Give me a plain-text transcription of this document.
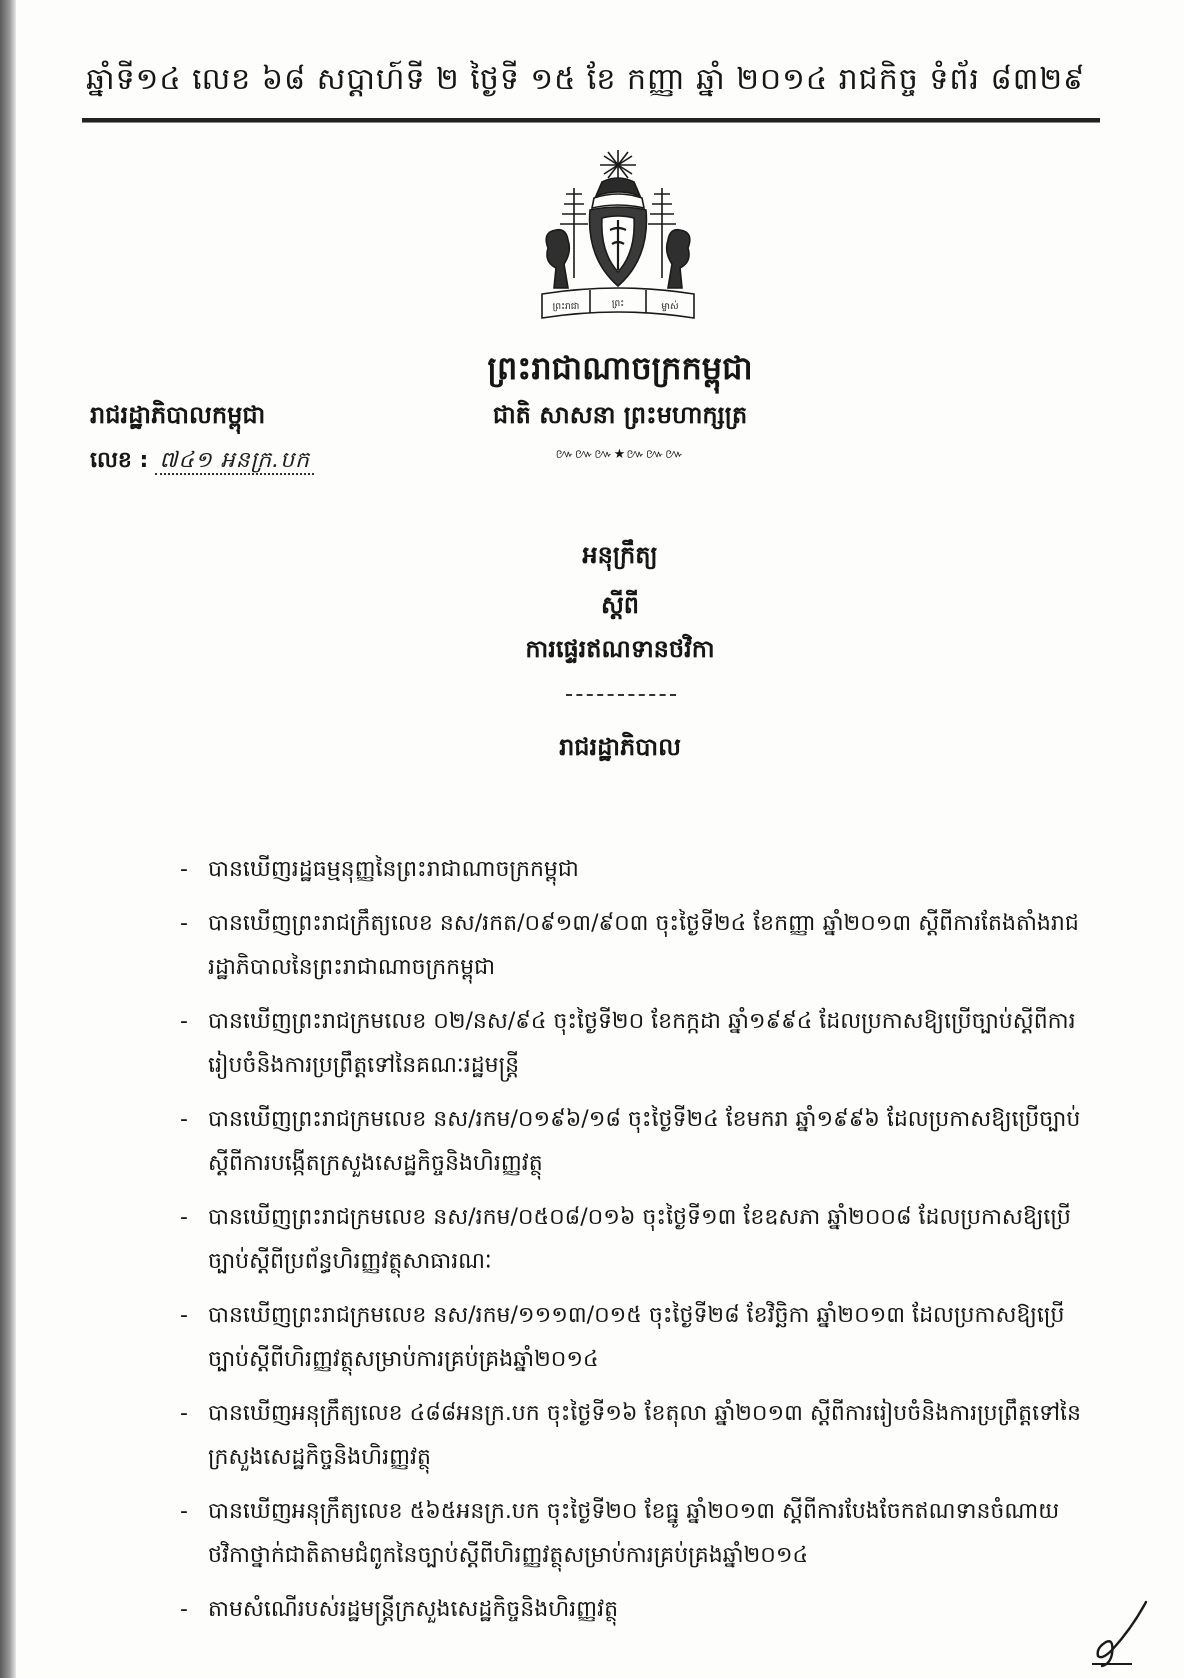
ឆ្នាំទី១៤ លេខ ៦៨ សប្តាហ៍ទី ២ ថ្ងៃទី ១៥ ខែ កញ្ញា ឆ្នាំ ២០១៤ រាជកិច្ច ទំព័រ ៨៣២៩
ព្រះរាជា	ព្រះ	ម្ចាស់
ព្រះរាជាណាចក្រកម្ពុជា
ជាតិ សាសនា ព្រះមហាក្សត្រ
៚៚៚★៚៚៚
រាជរដ្ឋាភិបាលកម្ពុជា
លេខ : ៧៤១ អនក្រ.បក
អនុក្រឹត្យ
ស្តីពី
ការផ្ទេរឥណទានថវិកា
រាជរដ្ឋាភិបាល
- បានឃើញរដ្ឋធម្មនុញ្ញនៃព្រះរាជាណាចក្រកម្ពុជា
- បានឃើញព្រះរាជក្រឹត្យលេខ នស/រកត/០៩១៣/៩០៣ ចុះថ្ងៃទី២៤ ខែកញ្ញា ឆ្នាំ២០១៣ ស្តីពីការតែងតាំងរាជរដ្ឋាភិបាលនៃព្រះរាជាណាចក្រកម្ពុជា
- បានឃើញព្រះរាជក្រមលេខ ០២/នស/៩៤ ចុះថ្ងៃទី២០ ខែកក្កដា ឆ្នាំ១៩៩៤ ដែលប្រកាសឱ្យប្រើច្បាប់ស្តីពីការរៀបចំនិងការប្រព្រឹត្តទៅនៃគណៈរដ្ឋមន្ត្រី
- បានឃើញព្រះរាជក្រមលេខ នស/រកម/០១៩៦/១៨ ចុះថ្ងៃទី២៤ ខែមករា ឆ្នាំ១៩៩៦ ដែលប្រកាសឱ្យប្រើច្បាប់ស្តីពីការបង្កើតក្រសួងសេដ្ឋកិច្ចនិងហិរញ្ញវត្ថុ
- បានឃើញព្រះរាជក្រមលេខ នស/រកម/០៥០៨/០១៦ ចុះថ្ងៃទី១៣ ខែឧសភា ឆ្នាំ២០០៨ ដែលប្រកាសឱ្យប្រើច្បាប់ស្តីពីប្រព័ន្ធហិរញ្ញវត្ថុសាធារណៈ
- បានឃើញព្រះរាជក្រមលេខ នស/រកម/១១១៣/០១៥ ចុះថ្ងៃទី២៨ ខែវិច្ឆិកា ឆ្នាំ២០១៣ ដែលប្រកាសឱ្យប្រើច្បាប់ស្តីពីហិរញ្ញវត្ថុសម្រាប់ការគ្រប់គ្រងឆ្នាំ២០១៤
- បានឃើញអនុក្រឹត្យលេខ ៤៨៨អនក្រ.បក ចុះថ្ងៃទី១៦ ខែតុលា ឆ្នាំ២០១៣ ស្តីពីការរៀបចំនិងការប្រព្រឹត្តទៅនៃក្រសួងសេដ្ឋកិច្ចនិងហិរញ្ញវត្ថុ
- បានឃើញអនុក្រឹត្យលេខ ៥៦៥អនក្រ.បក ចុះថ្ងៃទី២០ ខែធ្នូ ឆ្នាំ២០១៣ ស្តីពីការបែងចែកឥណទានចំណាយថវិកាថ្នាក់ជាតិតាមជំពូកនៃច្បាប់ស្តីពីហិរញ្ញវត្ថុសម្រាប់ការគ្រប់គ្រងឆ្នាំ២០១៤
- តាមសំណើរបស់រដ្ឋមន្ត្រីក្រសួងសេដ្ឋកិច្ចនិងហិរញ្ញវត្ថុ
